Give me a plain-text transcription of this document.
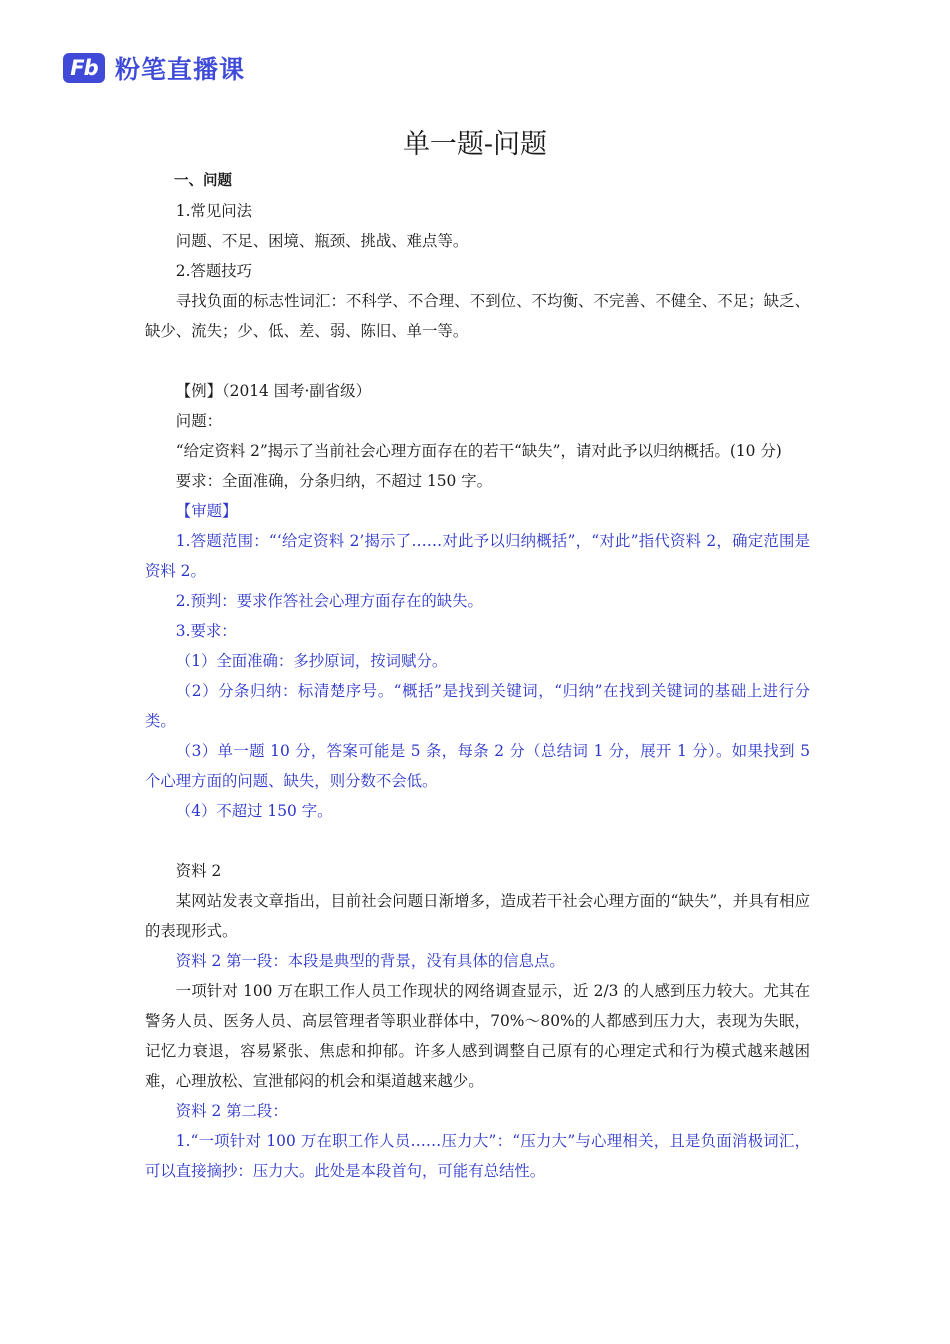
Fb 粉笔直播课
单一题-问题

一、问题

1.常见问法

问题、不足、困境、瓶颈、挑战、难点等。

2.答题技巧

寻找负面的标志性词汇：不科学、不合理、不到位、不均衡、不完善、不健全、不足；缺乏、缺少、流失；少、低、差、弱、陈旧、单一等。

【例】（2014 国考·副省级）

问题：

“给定资料 2”揭示了当前社会心理方面存在的若干“缺失”，请对此予以归纳概括。(10 分)

要求：全面准确，分条归纳，不超过 150 字。

【审题】

1.答题范围：“‘给定资料 2’揭示了……对此予以归纳概括”，“对此”指代资料 2，确定范围是资料 2。

2.预判：要求作答社会心理方面存在的缺失。

3.要求：

（1）全面准确：多抄原词，按词赋分。

（2）分条归纳：标清楚序号。“概括”是找到关键词，“归纳”在找到关键词的基础上进行分类。

（3）单一题 10 分，答案可能是 5 条，每条 2 分（总结词 1 分，展开 1 分）。如果找到 5 个心理方面的问题、缺失，则分数不会低。

（4）不超过 150 字。

资料 2

某网站发表文章指出，目前社会问题日渐增多，造成若干社会心理方面的“缺失”，并具有相应的表现形式。

资料 2 第一段：本段是典型的背景，没有具体的信息点。

一项针对 100 万在职工作人员工作现状的网络调查显示，近 2/3 的人感到压力较大。尤其在警务人员、医务人员、高层管理者等职业群体中，70%～80%的人都感到压力大，表现为失眠，记忆力衰退，容易紧张、焦虑和抑郁。许多人感到调整自己原有的心理定式和行为模式越来越困难，心理放松、宣泄郁闷的机会和渠道越来越少。

资料 2 第二段：

1.“一项针对 100 万在职工作人员……压力大”：“压力大”与心理相关，且是负面消极词汇，可以直接摘抄：压力大。此处是本段首句，可能有总结性。
